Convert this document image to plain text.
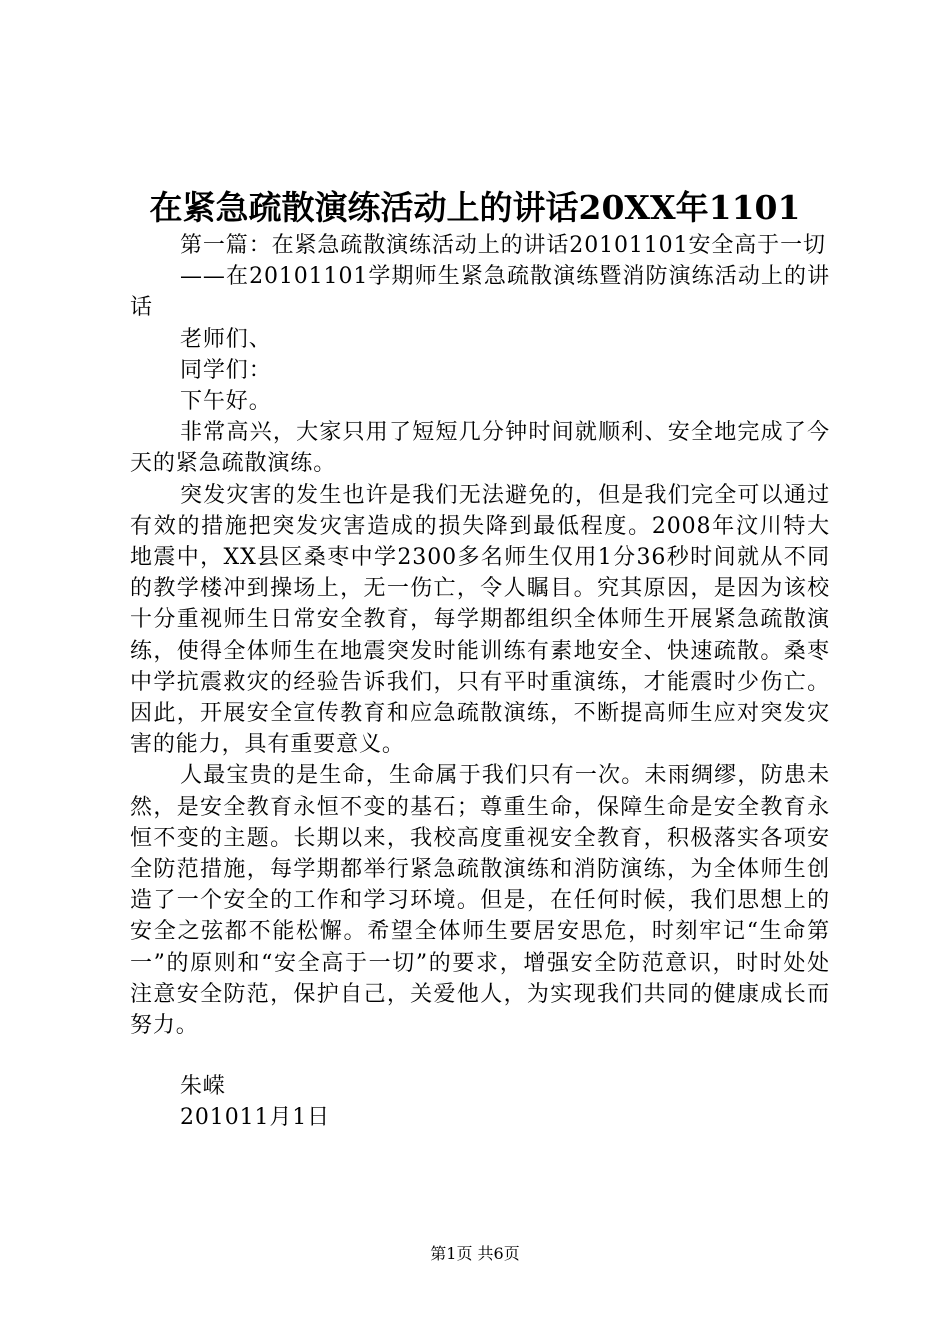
在紧急疏散演练活动上的讲话20XX年1101

第一篇：在紧急疏散演练活动上的讲话20101101安全高于一切

——在20101101学期师生紧急疏散演练暨消防演练活动上的讲话

老师们、

同学们：

下午好。

非常高兴，大家只用了短短几分钟时间就顺利、安全地完成了今天的紧急疏散演练。

突发灾害的发生也许是我们无法避免的，但是我们完全可以通过有效的措施把突发灾害造成的损失降到最低程度。2008年汶川特大地震中，XX县区桑枣中学2300多名师生仅用1分36秒时间就从不同的教学楼冲到操场上，无一伤亡，令人瞩目。究其原因，是因为该校十分重视师生日常安全教育，每学期都组织全体师生开展紧急疏散演练，使得全体师生在地震突发时能训练有素地安全、快速疏散。桑枣中学抗震救灾的经验告诉我们，只有平时重演练，才能震时少伤亡。因此，开展安全宣传教育和应急疏散演练，不断提高师生应对突发灾害的能力，具有重要意义。

人最宝贵的是生命，生命属于我们只有一次。未雨绸缪，防患未然，是安全教育永恒不变的基石；尊重生命，保障生命是安全教育永恒不变的主题。长期以来，我校高度重视安全教育，积极落实各项安全防范措施，每学期都举行紧急疏散演练和消防演练，为全体师生创造了一个安全的工作和学习环境。但是，在任何时候，我们思想上的安全之弦都不能松懈。希望全体师生要居安思危，时刻牢记“生命第一”的原则和“安全高于一切”的要求，增强安全防范意识，时时处处注意安全防范，保护自己，关爱他人，为实现我们共同的健康成长而努力。

朱嵘

201011月1日

第1页 共6页
